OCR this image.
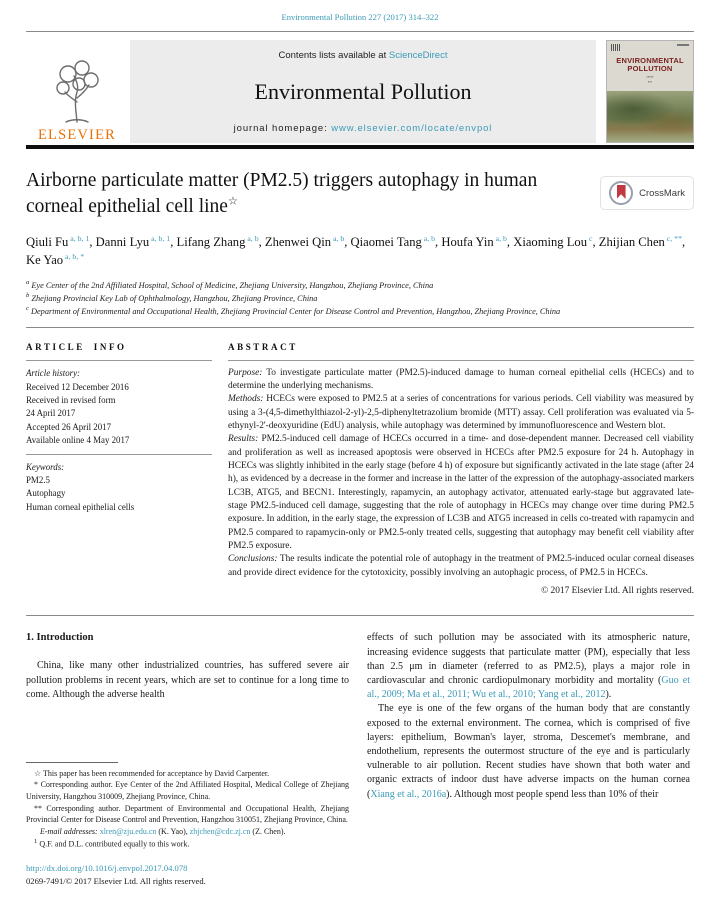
Environmental Pollution 227 (2017) 314–322
ELSEVIER
Contents lists available at ScienceDirect
Environmental Pollution
journal homepage: www.elsevier.com/locate/envpol
ENVIRONMENTAL
POLLUTION
▪▪▪▪▪
▪▪▪
Airborne particulate matter (PM2.5) triggers autophagy in human corneal epithelial cell line☆
CrossMark
Qiuli Fu $^{a, b, 1}$, Danni Lyu $^{a, b, 1}$, Lifang Zhang $^{a, b}$, Zhenwei Qin $^{a, b}$, Qiaomei Tang $^{a, b}$, Houfa Yin $^{a, b}$, Xiaoming Lou $^c$, Zhijian Chen $^{c, **}$, Ke Yao $^{a, b, *}$
$^a$ Eye Center of the 2nd Affiliated Hospital, School of Medicine, Zhejiang University, Hangzhou, Zhejiang Province, China
$^b$ Zhejiang Provincial Key Lab of Ophthalmology, Hangzhou, Zhejiang Province, China
$^c$ Department of Environmental and Occupational Health, Zhejiang Provincial Center for Disease Control and Prevention, Hangzhou, Zhejiang Province, China
ARTICLE INFO
Article history:
Received 12 December 2016
Received in revised form
24 April 2017
Accepted 26 April 2017
Available online 4 May 2017
Keywords:
PM2.5
Autophagy
Human corneal epithelial cells
ABSTRACT
Purpose: To investigate particulate matter (PM2.5)-induced damage to human corneal epithelial cells (HCECs) and to determine the underlying mechanisms.
Methods: HCECs were exposed to PM2.5 at a series of concentrations for various periods. Cell viability was measured by using a 3-(4,5-dimethylthiazol-2-yl)-2,5-diphenyltetrazolium bromide (MTT) assay. Cell proliferation was evaluated via 5-ethynyl-2'-deoxyuridine (EdU) analysis, while autophagy was determined by immunofluorescence and Western blot.
Results: PM2.5-induced cell damage of HCECs occurred in a time- and dose-dependent manner. Decreased cell viability and proliferation as well as increased apoptosis were observed in HCECs after PM2.5 exposure for 24 h. Autophagy in HCECs was slightly inhibited in the early stage (before 4 h) of exposure but significantly activated in the late stage (after 24 h), as evidenced by a decrease in the former and increase in the latter of the expression of the autophagy-associated markers LC3B, ATG5, and BECN1. Interestingly, rapamycin, an autophagy activator, attenuated early-stage but aggravated late-stage PM2.5-induced cell damage, suggesting that the role of autophagy in HCECs may change over time during PM2.5 exposure. In addition, in the early stage, the expression of LC3B and ATG5 increased in cells co-treated with rapamycin and PM2.5 compared to rapamycin-only or PM2.5-only treated cells, suggesting that autophagy may benefit cell viability after PM2.5 exposure.
Conclusions: The results indicate the potential role of autophagy in the treatment of PM2.5-induced ocular corneal diseases and provide direct evidence for the cytotoxicity, possibly involving an autophagic process, of PM2.5 in HCECs.
© 2017 Elsevier Ltd. All rights reserved.
1. Introduction

China, like many other industrialized countries, has suffered severe air pollution problems in recent years, which are set to continue for a long time to come. Although the adverse health

☆ This paper has been recommended for acceptance by David Carpenter.
* Corresponding author. Eye Center of the 2nd Affiliated Hospital, Medical College of Zhejiang University, Hangzhou 310009, Zhejiang Province, China.
** Corresponding author. Department of Environmental and Occupational Health, Zhejiang Provincial Center for Disease Control and Prevention, Hangzhou 310051, Zhejiang Province, China.
E-mail addresses: xlren@zju.edu.cn (K. Yao), zhjchen@cdc.zj.cn (Z. Chen).
$^1$ Q.F. and D.L. contributed equally to this work.
http://dx.doi.org/10.1016/j.envpol.2017.04.078
0269-7491/© 2017 Elsevier Ltd. All rights reserved.

effects of such pollution may be associated with its atmospheric nature, increasing evidence suggests that particulate matter (PM), especially that less than 2.5 μm in diameter (referred to as PM2.5), plays a major role in cardiovascular and chronic cardiopulmonary morbidity and mortality (Guo et al., 2009; Ma et al., 2011; Wu et al., 2010; Yang et al., 2012).

The eye is one of the few organs of the human body that are constantly exposed to the external environment. The cornea, which is comprised of five layers: epithelium, Bowman's layer, stroma, Descemet's membrane, and endothelium, represents the outermost structure of the eye and is particularly vulnerable to air pollution. Recent studies have shown that both water and organic extracts of indoor dust have adverse impacts on the human cornea (Xiang et al., 2016a). Although most people spend less than 10% of their
